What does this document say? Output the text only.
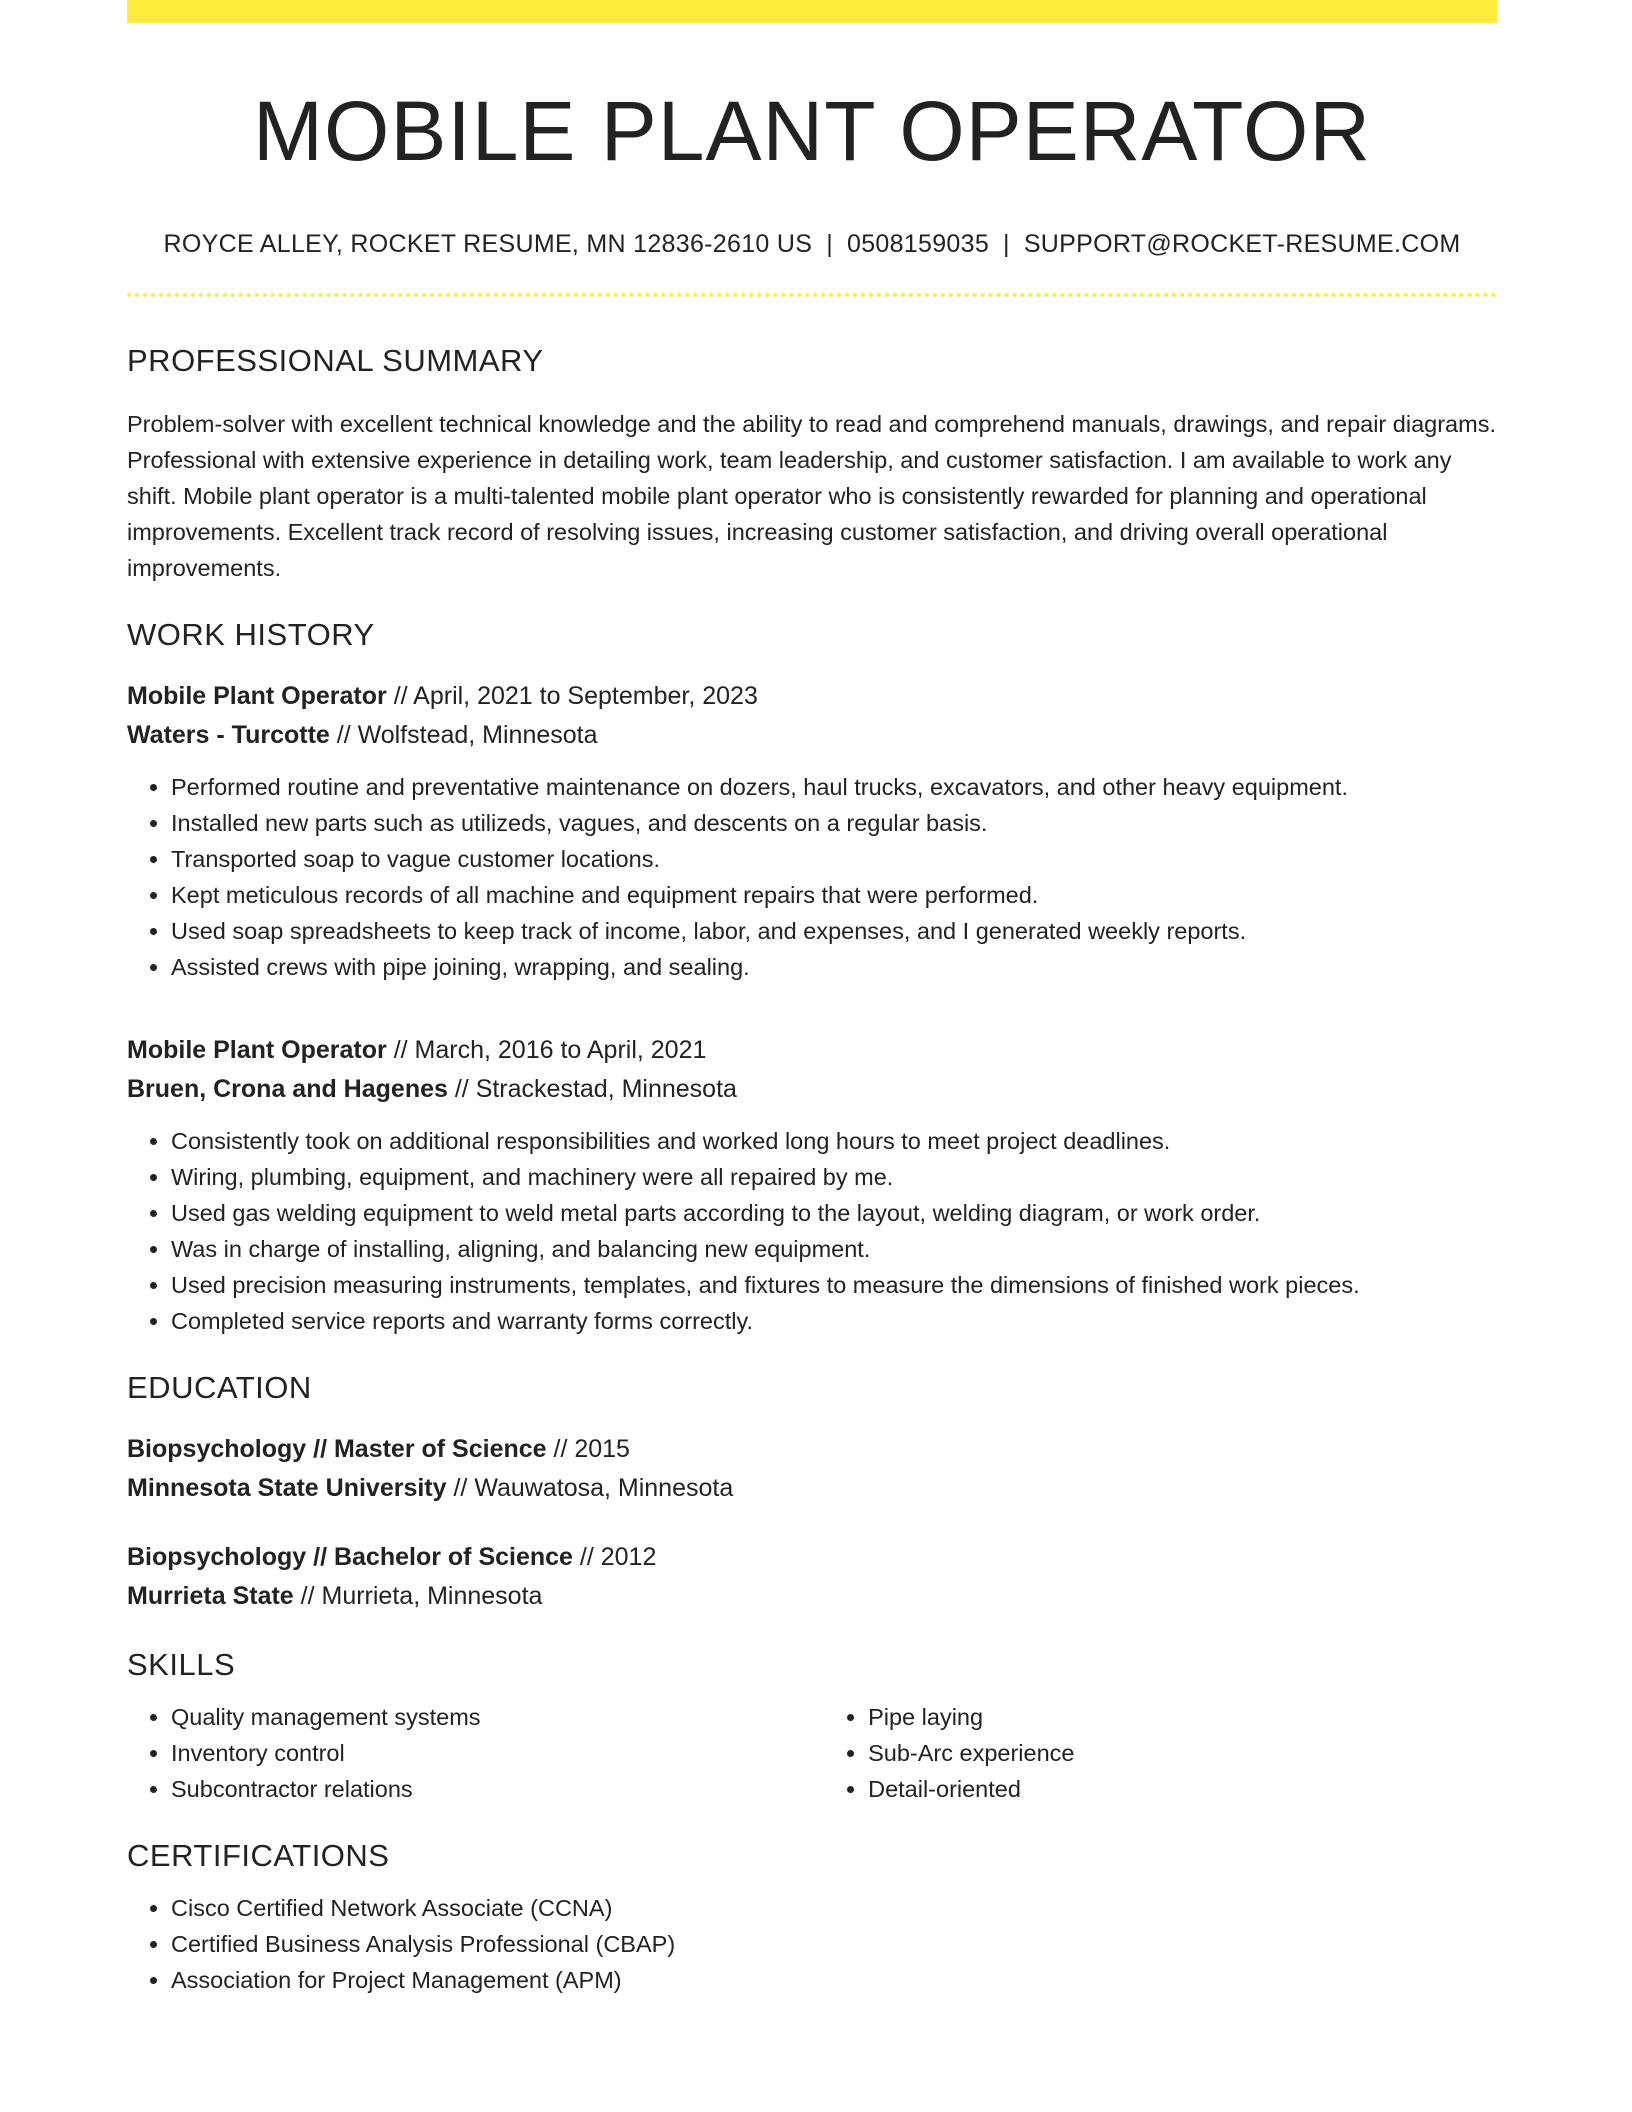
MOBILE PLANT OPERATOR
ROYCE ALLEY, ROCKET RESUME, MN 12836-2610 US | 0508159035 | SUPPORT@ROCKET-RESUME.COM
PROFESSIONAL SUMMARY

Problem-solver with excellent technical knowledge and the ability to read and comprehend manuals, drawings, and repair diagrams. Professional with extensive experience in detailing work, team leadership, and customer satisfaction. I am available to work any shift. Mobile plant operator is a multi-talented mobile plant operator who is consistently rewarded for planning and operational improvements. Excellent track record of resolving issues, increasing customer satisfaction, and driving overall operational improvements.

WORK HISTORY
Mobile Plant Operator // April, 2021 to September, 2023
Waters - Turcotte // Wolfstead, Minnesota
• Performed routine and preventative maintenance on dozers, haul trucks, excavators, and other heavy equipment.
• Installed new parts such as utilizeds, vagues, and descents on a regular basis.
• Transported soap to vague customer locations.
• Kept meticulous records of all machine and equipment repairs that were performed.
• Used soap spreadsheets to keep track of income, labor, and expenses, and I generated weekly reports.
• Assisted crews with pipe joining, wrapping, and sealing.
Mobile Plant Operator // March, 2016 to April, 2021
Bruen, Crona and Hagenes // Strackestad, Minnesota
• Consistently took on additional responsibilities and worked long hours to meet project deadlines.
• Wiring, plumbing, equipment, and machinery were all repaired by me.
• Used gas welding equipment to weld metal parts according to the layout, welding diagram, or work order.
• Was in charge of installing, aligning, and balancing new equipment.
• Used precision measuring instruments, templates, and fixtures to measure the dimensions of finished work pieces.
• Completed service reports and warranty forms correctly.
EDUCATION
Biopsychology // Master of Science // 2015
Minnesota State University // Wauwatosa, Minnesota
Biopsychology // Bachelor of Science // 2012
Murrieta State // Murrieta, Minnesota
SKILLS
• Quality management systems
• Inventory control
• Subcontractor relations
• Pipe laying
• Sub-Arc experience
• Detail-oriented
CERTIFICATIONS
• Cisco Certified Network Associate (CCNA)
• Certified Business Analysis Professional (CBAP)
• Association for Project Management (APM)
